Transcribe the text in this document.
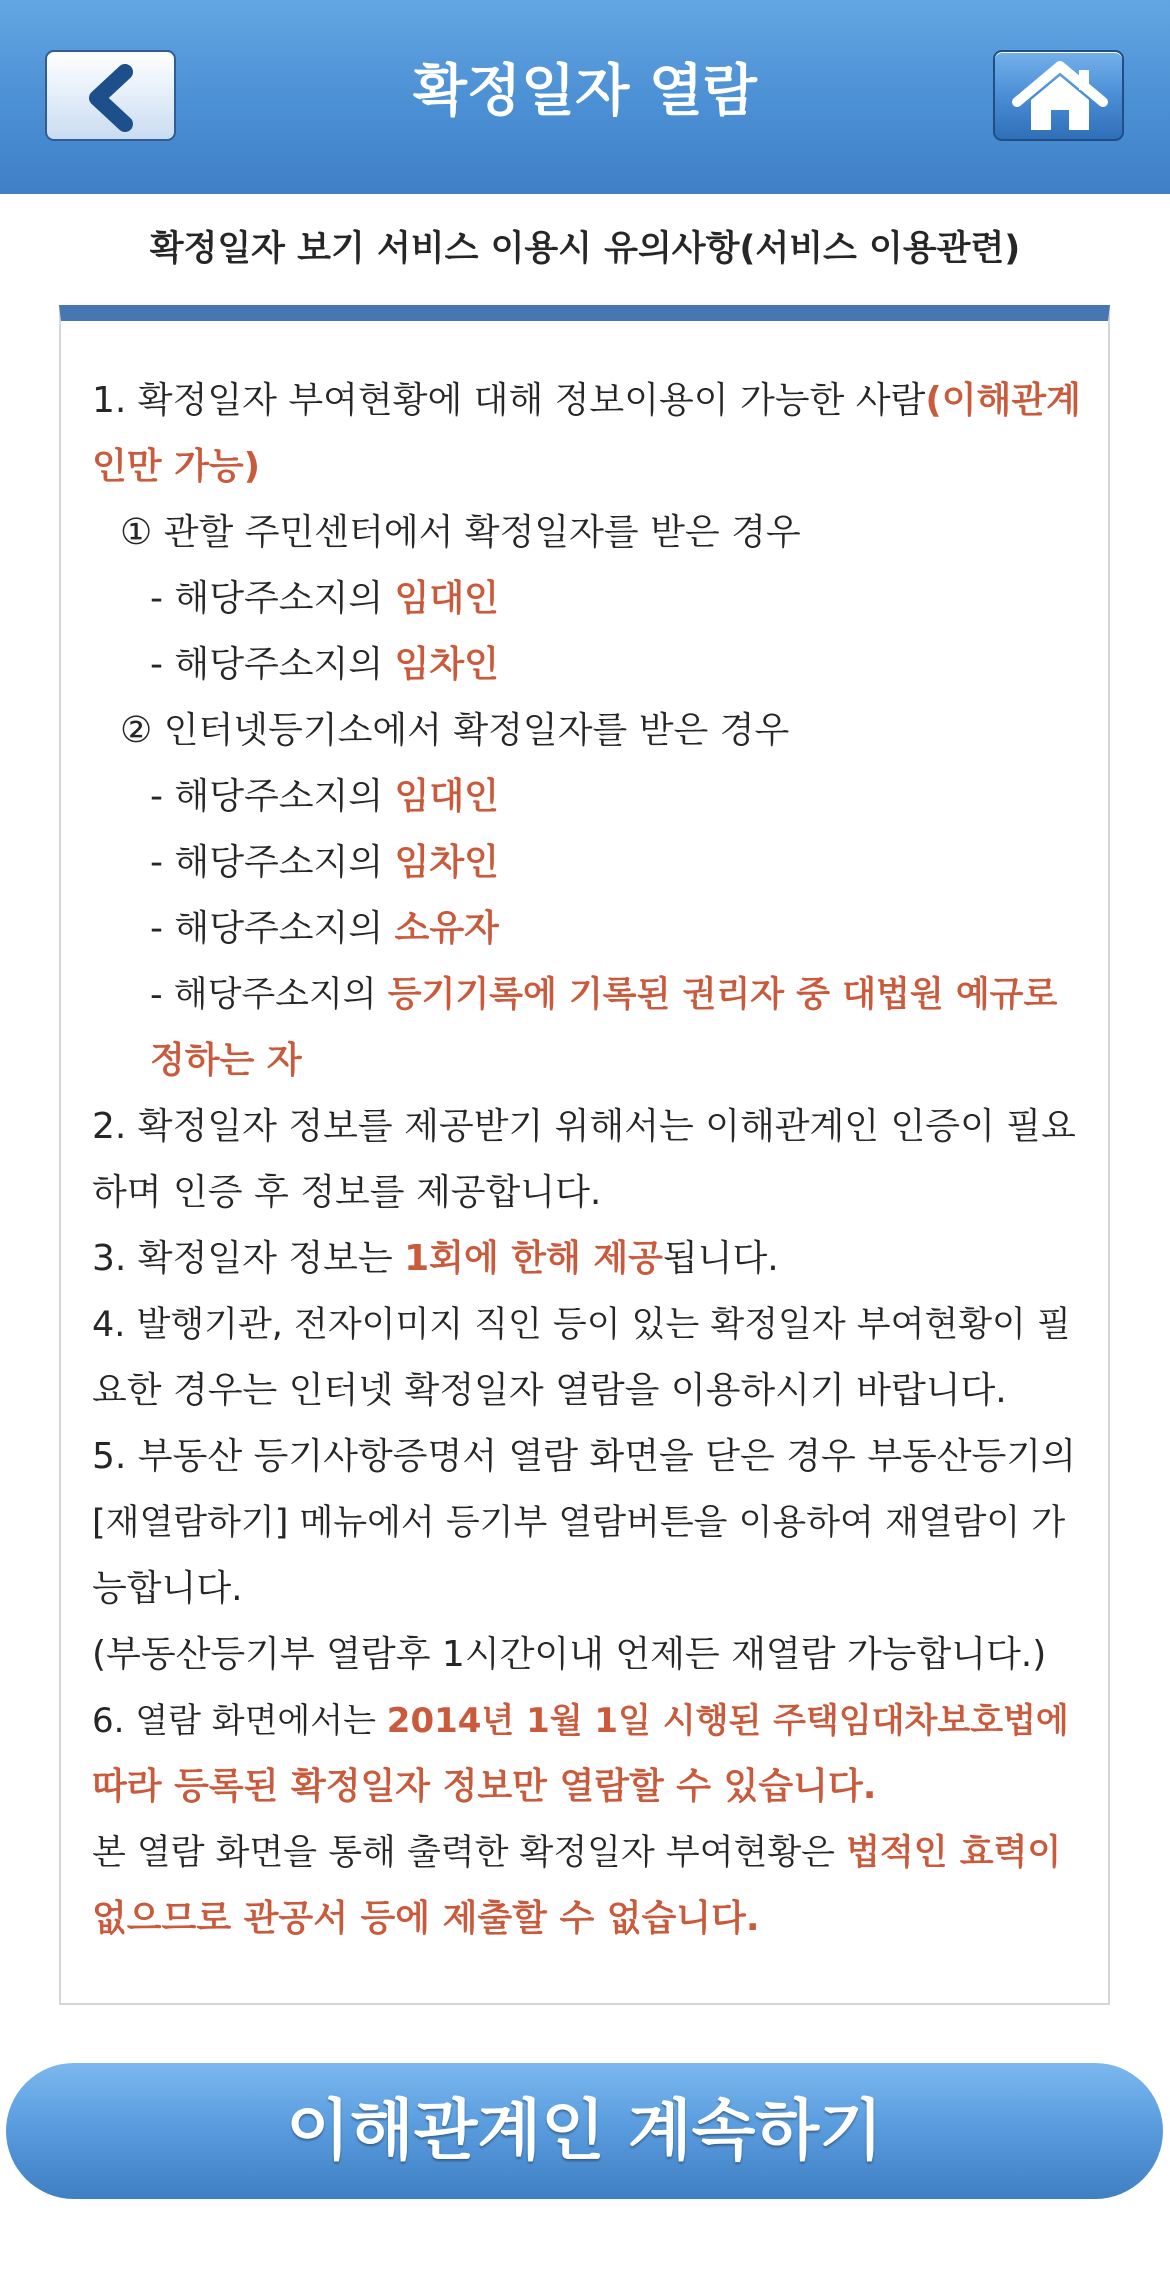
확정일자 열람
확정일자 보기 서비스 이용시 유의사항(서비스 이용관련)
1. 확정일자 부여현황에 대해 정보이용이 가능한 사람(이해관계
인만 가능)
① 관할 주민센터에서 확정일자를 받은 경우
- 해당주소지의 임대인
- 해당주소지의 임차인
② 인터넷등기소에서 확정일자를 받은 경우
- 해당주소지의 임대인
- 해당주소지의 임차인
- 해당주소지의 소유자
- 해당주소지의 등기기록에 기록된 권리자 중 대법원 예규로
정하는 자
2. 확정일자 정보를 제공받기 위해서는 이해관계인 인증이 필요
하며 인증 후 정보를 제공합니다.
3. 확정일자 정보는 1회에 한해 제공됩니다.
4. 발행기관, 전자이미지 직인 등이 있는 확정일자 부여현황이 필
요한 경우는 인터넷 확정일자 열람을 이용하시기 바랍니다.
5. 부동산 등기사항증명서 열람 화면을 닫은 경우 부동산등기의
[재열람하기] 메뉴에서 등기부 열람버튼을 이용하여 재열람이 가
능합니다.
(부동산등기부 열람후 1시간이내 언제든 재열람 가능합니다.)
6. 열람 화면에서는 2014년 1월 1일 시행된 주택임대차보호법에
따라 등록된 확정일자 정보만 열람할 수 있습니다.
본 열람 화면을 통해 출력한 확정일자 부여현황은 법적인 효력이
없으므로 관공서 등에 제출할 수 없습니다.
이해관계인 계속하기
